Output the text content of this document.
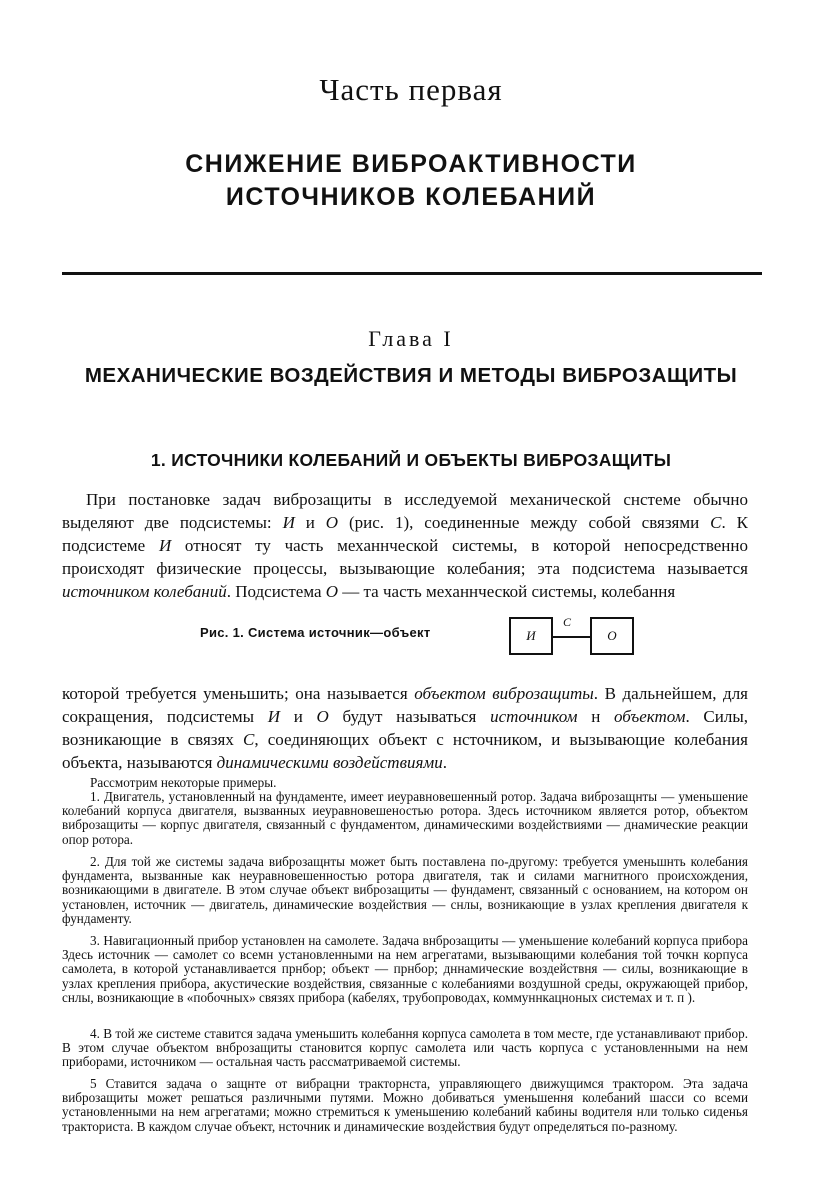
Часть первая
СНИЖЕНИЕ ВИБРОАКТИВНОСТИ
ИСТОЧНИКОВ КОЛЕБАНИЙ
Глава I
МЕХАНИЧЕСКИЕ ВОЗДЕЙСТВИЯ И МЕТОДЫ ВИБРОЗАЩИТЫ
1. ИСТОЧНИКИ КОЛЕБАНИЙ И ОБЪЕКТЫ ВИБРОЗАЩИТЫ
При постановке задач виброзащиты в исследуемой механической снстеме обычно выделяют две подсистемы: И и О (рис. 1), соединенные между собой связями С. К подсистеме И относят ту часть механнческой системы, в которой непосредственно происходят физические процессы, вызывающие колебания; эта подсистема называется источником колебаний. Подсистема О — та часть механнческой системы, колебання
Рис. 1. Система источник—объект	И
С
О
которой требуется уменьшить; она называется объектом виброзащиты. В дальнейшем, для сокращения, подсистемы И и О будут называться источником н объектом. Силы, возникающие в связях С, соединяющих объект с нсточником, и вызывающие колебания объекта, называются динамическими воздействиями.

Рассмотрим некоторые примеры.

1. Двигатель, установленный на фундаменте, имеет иеуравновешенный ротор. Задача виброзащнты — уменьшение колебаний корпуса двигателя, вызванных иеуравновешеностью ротора. Здесь источником является ротор, объектом виброзащиты — корпус двигателя, связанный с фундаментом, динамическими воздействиями — днамические реакции опор ротора.

2. Для той же системы задача виброзащнты может быть поставлена по-другому: требуется уменьшнть колебания фундамента, вызванные как неуравновешенностью ротора двигателя, так и силами магнитного происхождения, возникающими в двигателе. В этом случае объект виброзащиты — фундамент, связанный с основанием, на котором он установлен, источник — двигатель, динамические воздействия — снлы, возникающие в узлах крепления двигателя к фундаменту.

3. Навигационный прибор установлен на самолете. Задача внброзащиты — уменьшение колебаний корпуса прибора Здесь источник — самолет со всемн установленными на нем агрегатами, вызывающими колебания той точкн корпуса самолета, в которой устанавливается прнбор; объект — прнбор; дннамические воздействня — силы, возникающие в узлах крепления прибора, акустические воздействия, связанные с колебаниями воздушной среды, окружающей прибор, снлы, возникающие в «побочных» связях прибора (кабелях, трубопроводах, коммуннкацноных системах и т. п ).

4. В той же системе ставится задача уменьшить колебання корпуса самолета в том месте, где устанавливают прибор. В этом случае объектом внброзащиты становится корпус самолета или часть корпуса с установленными на нем приборами, источником — остальная часть рассматриваемой системы.

5 Ставится задача о защнте от вибрацни тракторнста, управляющего движущимся трактором. Эта задача виброзащиты может решаться различными путями. Можно добиваться уменьшення колебаний шасси со всеми установленными на нем агрегатами; можно стремиться к уменьшению колебаний кабины водителя нли только сиденья тракториста. В каждом случае объект, нсточник и динамические воздействия будут определяться по-разному.
